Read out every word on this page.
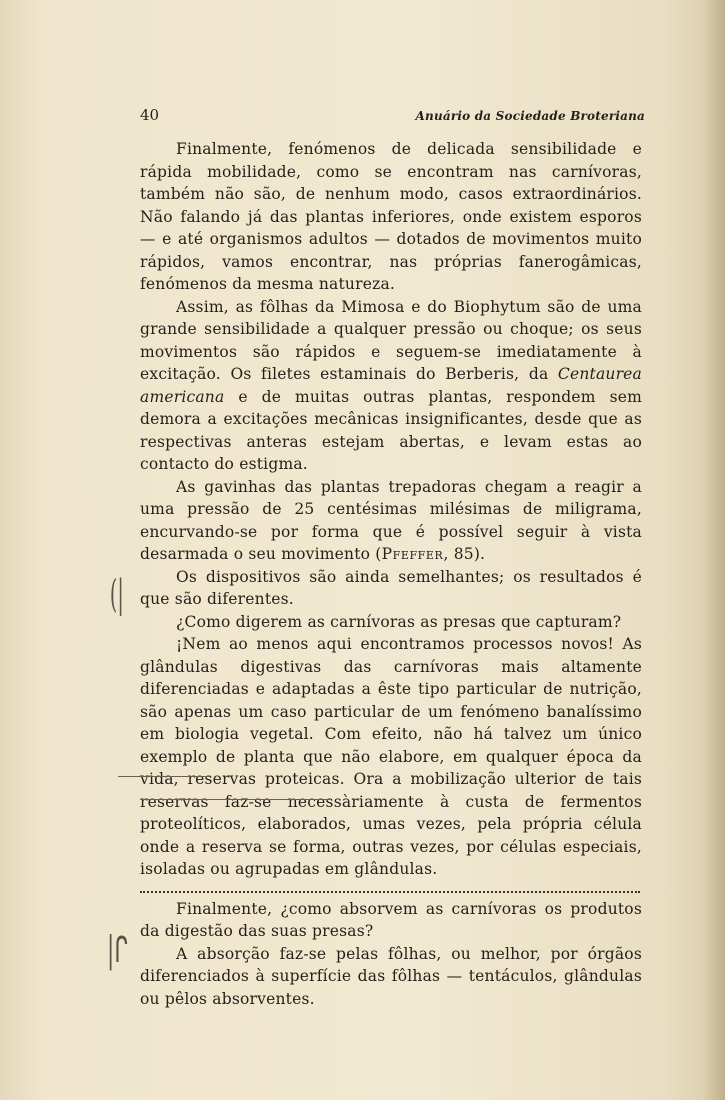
40	Anuário da Sociedade Broteriana

Finalmente, fenómenos de delicada sensibilidade e rápida mobilidade, como se encontram nas carnívoras, também não são, de nenhum modo, casos extraordinários. Não falando já das plantas inferiores, onde existem esporos — e até organismos adultos — dotados de movimentos muito rápidos, vamos encontrar, nas próprias fanerogâmicas, fenómenos da mesma natureza.

Assim, as fôlhas da Mimosa e do Biophytum são de uma grande sensibilidade a qualquer pressão ou choque; os seus movimentos são rápidos e seguem-se imediatamente à excitação. Os filetes estaminais do Berberis, da Centaurea americana e de muitas outras plantas, respondem sem demora a excitações mecânicas insignificantes, desde que as respectivas anteras estejam abertas, e levam estas ao contacto do estigma.

As gavinhas das plantas trepadoras chegam a reagir a uma pressão de 25 centésimas milésimas de miligrama, encurvando-se por forma que é possível seguir à vista desarmada o seu movimento (Pfeffer, 85).

Os dispositivos são ainda semelhantes; os resultados é que são diferentes.

¿Como digerem as carnívoras as presas que capturam?

¡Nem ao menos aqui encontramos processos novos! As glândulas digestivas das carnívoras mais altamente diferenciadas e adaptadas a êste tipo particular de nutrição, são apenas um caso particular de um fenómeno banalíssimo em biologia vegetal. Com efeito, não há talvez um único exemplo de planta que não elabore, em qualquer época da vida, reservas proteicas. Ora a mobilização ulterior de tais reservas faz-se necessàriamente à custa de fermentos proteolíticos, elaborados, umas vezes, pela própria célula onde a reserva se forma, outras vezes, por células especiais, isoladas ou agrupadas em glândulas.

Finalmente, ¿como absorvem as carnívoras os produtos da digestão das suas presas?

A absorção faz-se pelas fôlhas, ou melhor, por órgãos diferenciados à superfície das fôlhas — tentáculos, glândulas ou pêlos absorventes.

(|
|ᒋ
